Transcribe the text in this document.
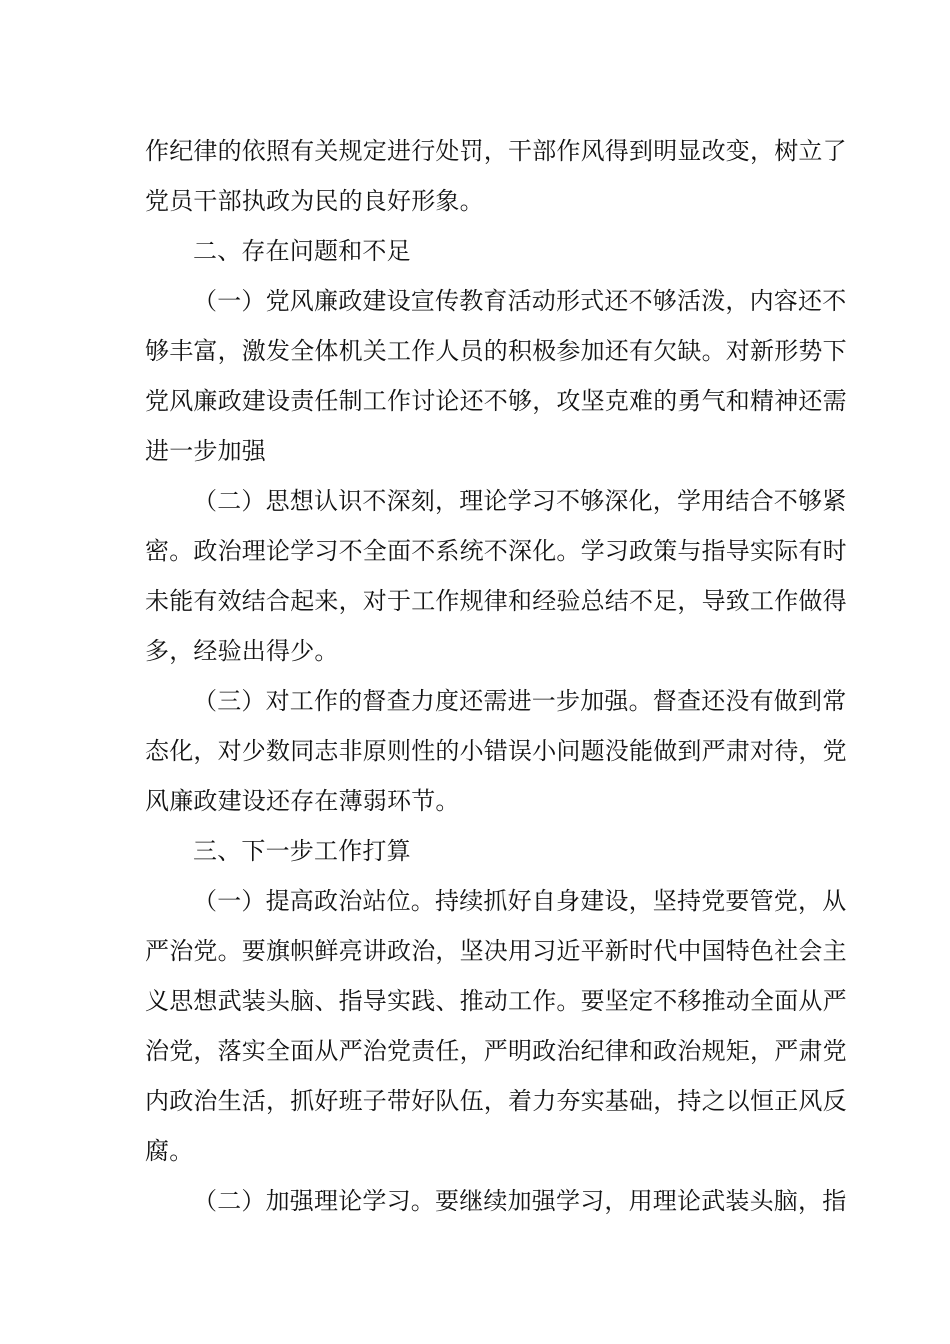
作纪律的依照有关规定进行处罚，干部作风得到明显改变，树立了
党员干部执政为民的良好形象。
二、存在问题和不足
（一）党风廉政建设宣传教育活动形式还不够活泼，内容还不
够丰富，激发全体机关工作人员的积极参加还有欠缺。对新形势下
党风廉政建设责任制工作讨论还不够，攻坚克难的勇气和精神还需
进一步加强
（二）思想认识不深刻，理论学习不够深化，学用结合不够紧
密。政治理论学习不全面不系统不深化。学习政策与指导实际有时
未能有效结合起来，对于工作规律和经验总结不足，导致工作做得
多，经验出得少。
（三）对工作的督查力度还需进一步加强。督查还没有做到常
态化，对少数同志非原则性的小错误小问题没能做到严肃对待，党
风廉政建设还存在薄弱环节。
三、下一步工作打算
（一）提高政治站位。持续抓好自身建设，坚持党要管党，从
严治党。要旗帜鲜亮讲政治，坚决用习近平新时代中国特色社会主
义思想武装头脑、指导实践、推动工作。要坚定不移推动全面从严
治党，落实全面从严治党责任，严明政治纪律和政治规矩，严肃党
内政治生活，抓好班子带好队伍，着力夯实基础，持之以恒正风反
腐。
（二）加强理论学习。要继续加强学习，用理论武装头脑，指
